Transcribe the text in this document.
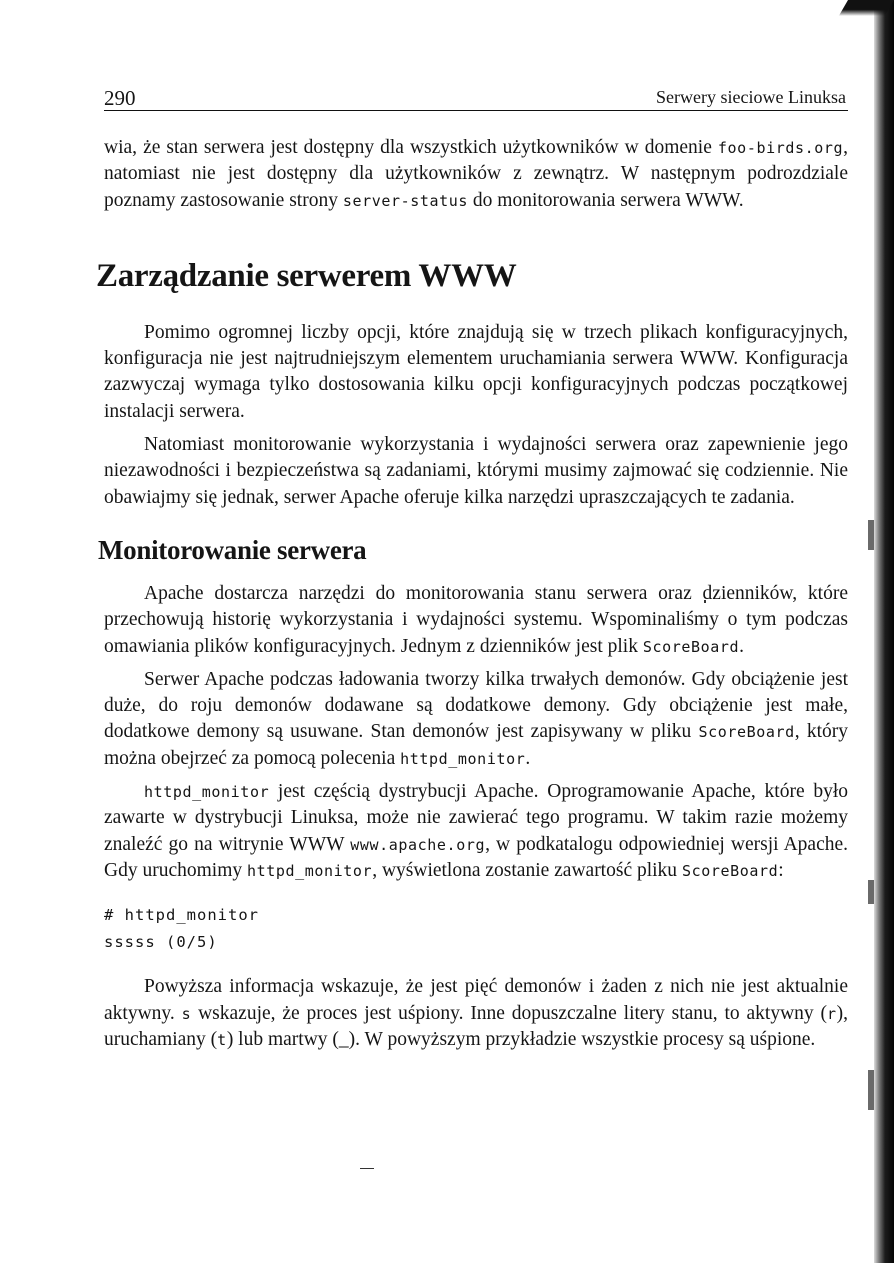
290	Serwery sieciowe Linuksa

wia, że stan serwera jest dostępny dla wszystkich użytkowników w domenie foo-birds.org, natomiast nie jest dostępny dla użytkowników z zewnątrz. W następnym podrozdziale poznamy zastosowanie strony server-status do monitorowania serwera WWW.

Zarządzanie serwerem WWW

Pomimo ogromnej liczby opcji, które znajdują się w trzech plikach konfiguracyjnych, konfiguracja nie jest najtrudniejszym elementem uruchamiania serwera WWW. Konfiguracja zazwyczaj wymaga tylko dostosowania kilku opcji konfiguracyjnych podczas początkowej instalacji serwera.

Natomiast monitorowanie wykorzystania i wydajności serwera oraz zapewnienie jego niezawodności i bezpieczeństwa są zadaniami, którymi musimy zajmować się codziennie. Nie obawiajmy się jednak, serwer Apache oferuje kilka narzędzi upraszczających te zadania.

Monitorowanie serwera

Apache dostarcza narzędzi do monitorowania stanu serwera oraz dzienników, które przechowują historię wykorzystania i wydajności systemu. Wspominaliśmy o tym podczas omawiania plików konfiguracyjnych. Jednym z dzienników jest plik ScoreBoard.

Serwer Apache podczas ładowania tworzy kilka trwałych demonów. Gdy obciążenie jest duże, do roju demonów dodawane są dodatkowe demony. Gdy obciążenie jest małe, dodatkowe demony są usuwane. Stan demonów jest zapisywany w pliku ScoreBoard, który można obejrzeć za pomocą polecenia httpd_monitor.

httpd_monitor jest częścią dystrybucji Apache. Oprogramowanie Apache, które było zawarte w dystrybucji Linuksa, może nie zawierać tego programu. W takim razie możemy znaleźć go na witrynie WWW www.apache.org, w podkatalogu odpowiedniej wersji Apache. Gdy uruchomimy httpd_monitor, wyświetlona zostanie zawartość pliku ScoreBoard:

# httpd_monitor
sssss (0/5)

Powyższa informacja wskazuje, że jest pięć demonów i żaden z nich nie jest aktualnie aktywny. s wskazuje, że proces jest uśpiony. Inne dopuszczalne litery stanu, to aktywny (r), uruchamiany (t) lub martwy (_). W powyższym przykładzie wszystkie procesy są uśpione.
